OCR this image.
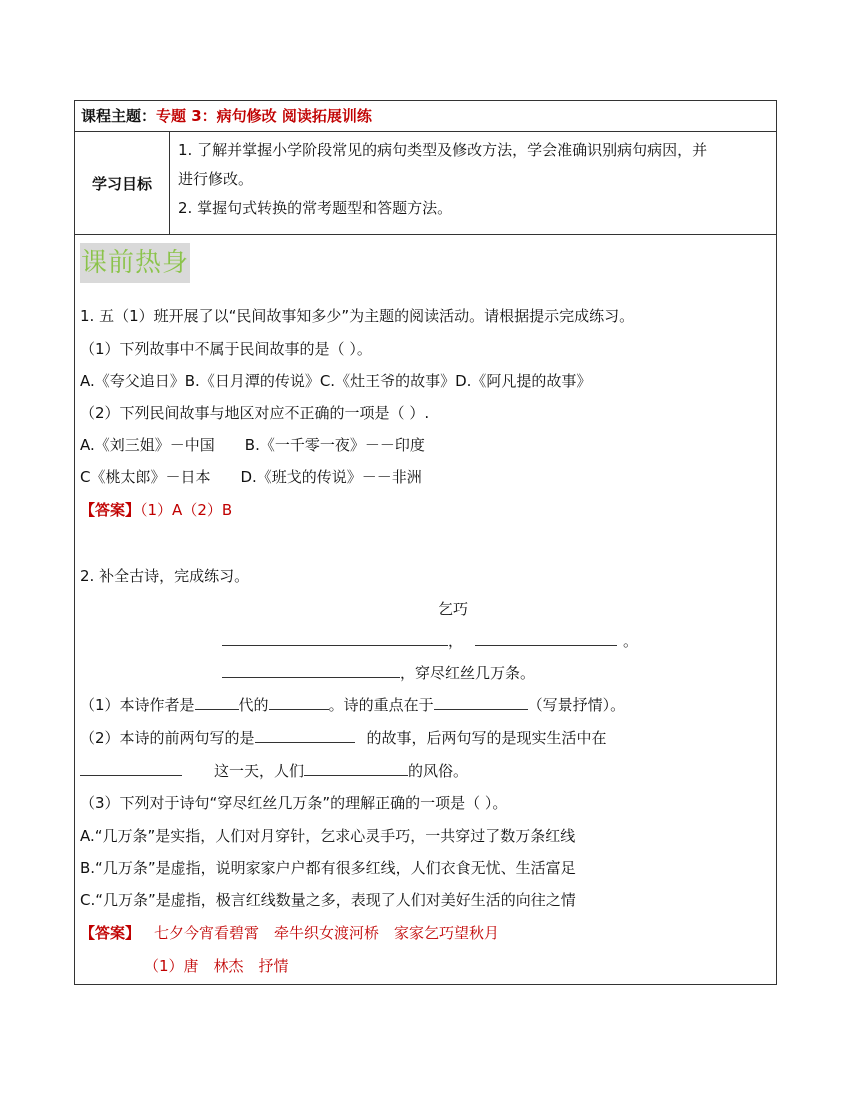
课程主题：专题 3：病句修改 阅读拓展训练
学习目标
1. 了解并掌握小学阶段常见的病句类型及修改方法，学会准确识别病句病因，并
进行修改。
2. 掌握句式转换的常考题型和答题方法。
课前热身
1. 五（1）班开展了以“民间故事知多少”为主题的阅读活动。请根据提示完成练习。
（1）下列故事中不属于民间故事的是（ ）。
A.《夸父追日》B.《日月潭的传说》C.《灶王爷的故事》D.《阿凡提的故事》
（2）下列民间故事与地区对应不正确的一项是（ ）.
A.《刘三姐》－中国 B.《一千零一夜》－－印度
C《桃太郎》－日本 D.《班戈的传说》－－非洲
【答案】（1）A（2）B
2. 补全古诗，完成练习。
乞巧
，	。
，穿尽红丝几万条。
（1）本诗作者是	代的	。诗的重点在于	（写景抒情）。
（2）本诗的前两句写的是	的故事，后两句写的是现实生活中在
这一天，人们	的风俗。
（3）下列对于诗句“穿尽红丝几万条”的理解正确的一项是（ ）。
A.“几万条”是实指，人们对月穿针，乞求心灵手巧，一共穿过了数万条红线
B.“几万条”是虚指，说明家家户户都有很多红线，人们衣食无忧、生活富足
C.“几万条”是虚指，极言红线数量之多，表现了人们对美好生活的向往之情
【答案】 七夕今宵看碧霄　牵牛织女渡河桥　家家乞巧望秋月
（1）唐　林杰　抒情
